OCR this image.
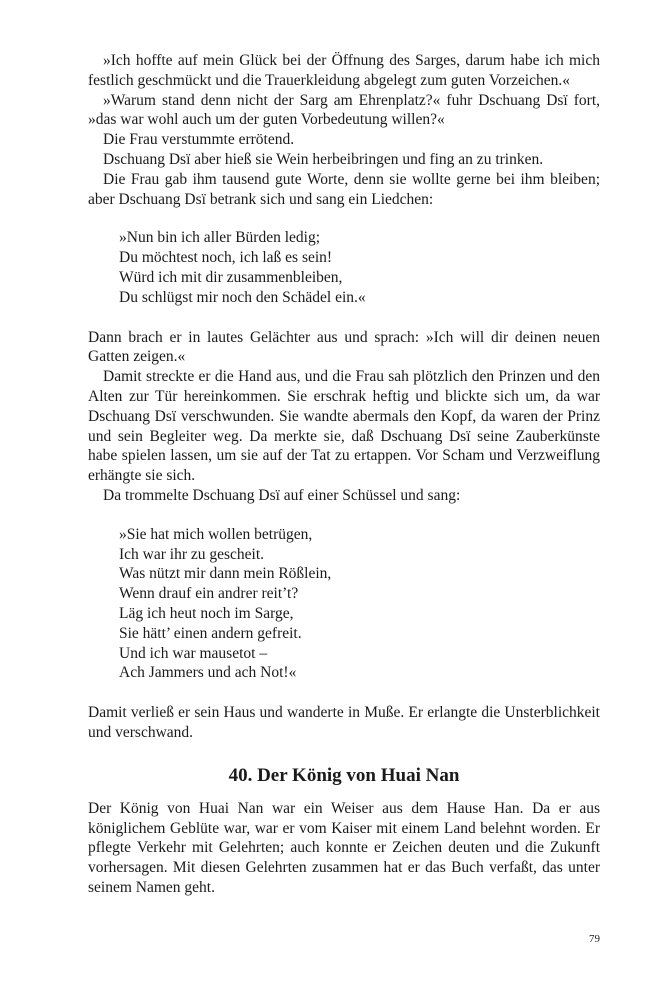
»Ich hoffte auf mein Glück bei der Öffnung des Sarges, darum habe ich mich festlich geschmückt und die Trauerkleidung abgelegt zum guten Vorzeichen.«

»Warum stand denn nicht der Sarg am Ehrenplatz?« fuhr Dschuang Dsï fort, »das war wohl auch um der guten Vorbedeutung willen?«

Die Frau verstummte errötend.

Dschuang Dsï aber hieß sie Wein herbeibringen und fing an zu trinken.

Die Frau gab ihm tausend gute Worte, denn sie wollte gerne bei ihm bleiben; aber Dschuang Dsï betrank sich und sang ein Liedchen:

»Nun bin ich aller Bürden ledig;
Du möchtest noch, ich laß es sein!
Würd ich mit dir zusammenbleiben,
Du schlügst mir noch den Schädel ein.«

Dann brach er in lautes Gelächter aus und sprach: »Ich will dir deinen neuen Gatten zeigen.«

Damit streckte er die Hand aus, und die Frau sah plötzlich den Prinzen und den Alten zur Tür hereinkommen. Sie erschrak heftig und blickte sich um, da war Dschuang Dsï verschwunden. Sie wandte abermals den Kopf, da waren der Prinz und sein Begleiter weg. Da merkte sie, daß Dschuang Dsï seine Zauberkünste habe spielen lassen, um sie auf der Tat zu ertappen. Vor Scham und Verzweiflung erhängte sie sich.

Da trommelte Dschuang Dsï auf einer Schüssel und sang:

»Sie hat mich wollen betrügen,
Ich war ihr zu gescheit.
Was nützt mir dann mein Rößlein,
Wenn drauf ein andrer reit’t?
Läg ich heut noch im Sarge,
Sie hätt’ einen andern gefreit.
Und ich war mausetot –
Ach Jammers und ach Not!«

Damit verließ er sein Haus und wanderte in Muße. Er erlangte die Unsterblichkeit und verschwand.

40. Der König von Huai Nan

Der König von Huai Nan war ein Weiser aus dem Hause Han. Da er aus königlichem Geblüte war, war er vom Kaiser mit einem Land belehnt worden. Er pflegte Verkehr mit Gelehrten; auch konnte er Zeichen deuten und die Zukunft vorhersagen. Mit diesen Gelehrten zusammen hat er das Buch verfaßt, das unter seinem Namen geht.

79
